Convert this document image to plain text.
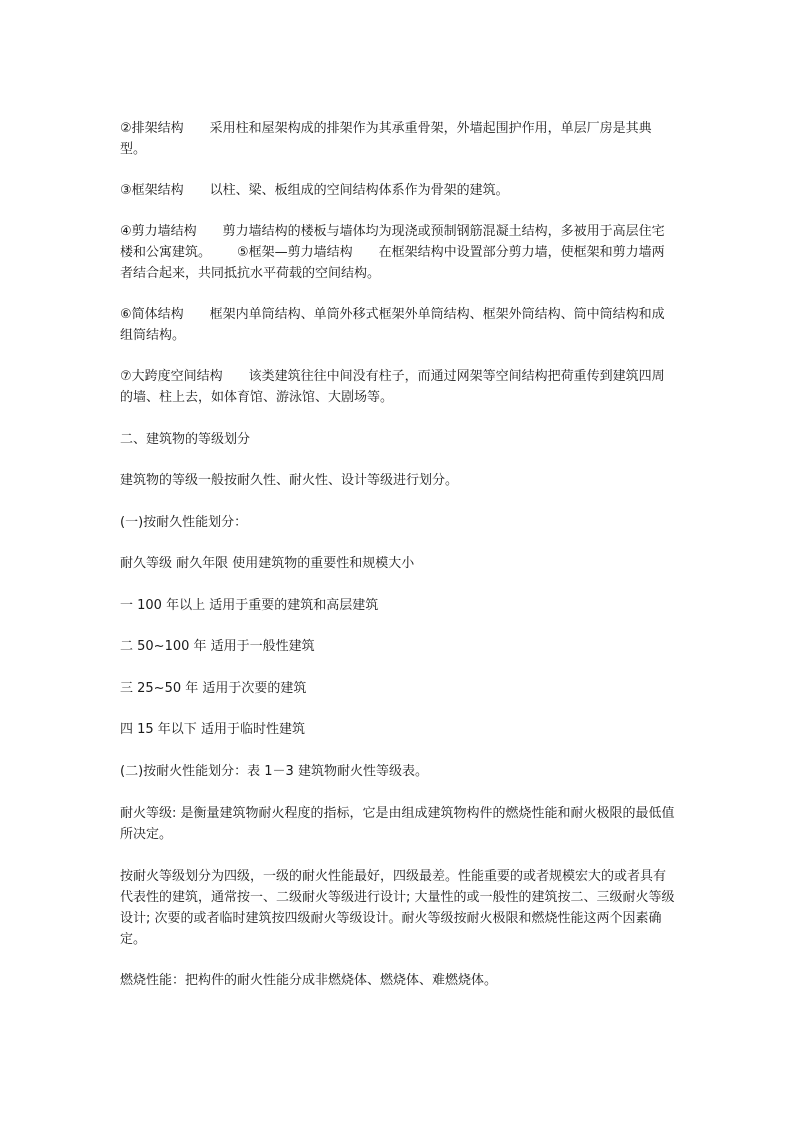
②排架结构 采用柱和屋架构成的排架作为其承重骨架，外墙起围护作用，单层厂房是其典型。

③框架结构 以柱、梁、板组成的空间结构体系作为骨架的建筑。

④剪力墙结构 剪力墙结构的楼板与墙体均为现浇或预制钢筋混凝土结构，多被用于高层住宅楼和公寓建筑。 ⑤框架—剪力墙结构 在框架结构中设置部分剪力墙，使框架和剪力墙两者结合起来，共同抵抗水平荷载的空间结构。

⑥简体结构 框架内单筒结构、单筒外移式框架外单筒结构、框架外筒结构、筒中筒结构和成组筒结构。

⑦大跨度空间结构 该类建筑往往中间没有柱子，而通过网架等空间结构把荷重传到建筑四周的墙、柱上去，如体育馆、游泳馆、大剧场等。

二、建筑物的等级划分

建筑物的等级一般按耐久性、耐火性、设计等级进行划分。

(一)按耐久性能划分：

耐久等级 耐久年限 使用建筑物的重要性和规模大小

一 100 年以上 适用于重要的建筑和高层建筑

二 50~100 年 适用于一般性建筑

三 25~50 年 适用于次要的建筑

四 15 年以下 适用于临时性建筑

(二)按耐火性能划分：表 1－3 建筑物耐火性等级表。

耐火等级: 是衡量建筑物耐火程度的指标，它是由组成建筑物构件的燃烧性能和耐火极限的最低值所决定。

按耐火等级划分为四级，一级的耐火性能最好，四级最差。性能重要的或者规模宏大的或者具有代表性的建筑，通常按一、二级耐火等级进行设计; 大量性的或一般性的建筑按二、三级耐火等级设计; 次要的或者临时建筑按四级耐火等级设计。耐火等级按耐火极限和燃烧性能这两个因素确定。

燃烧性能：把构件的耐火性能分成非燃烧体、燃烧体、难燃烧体。
